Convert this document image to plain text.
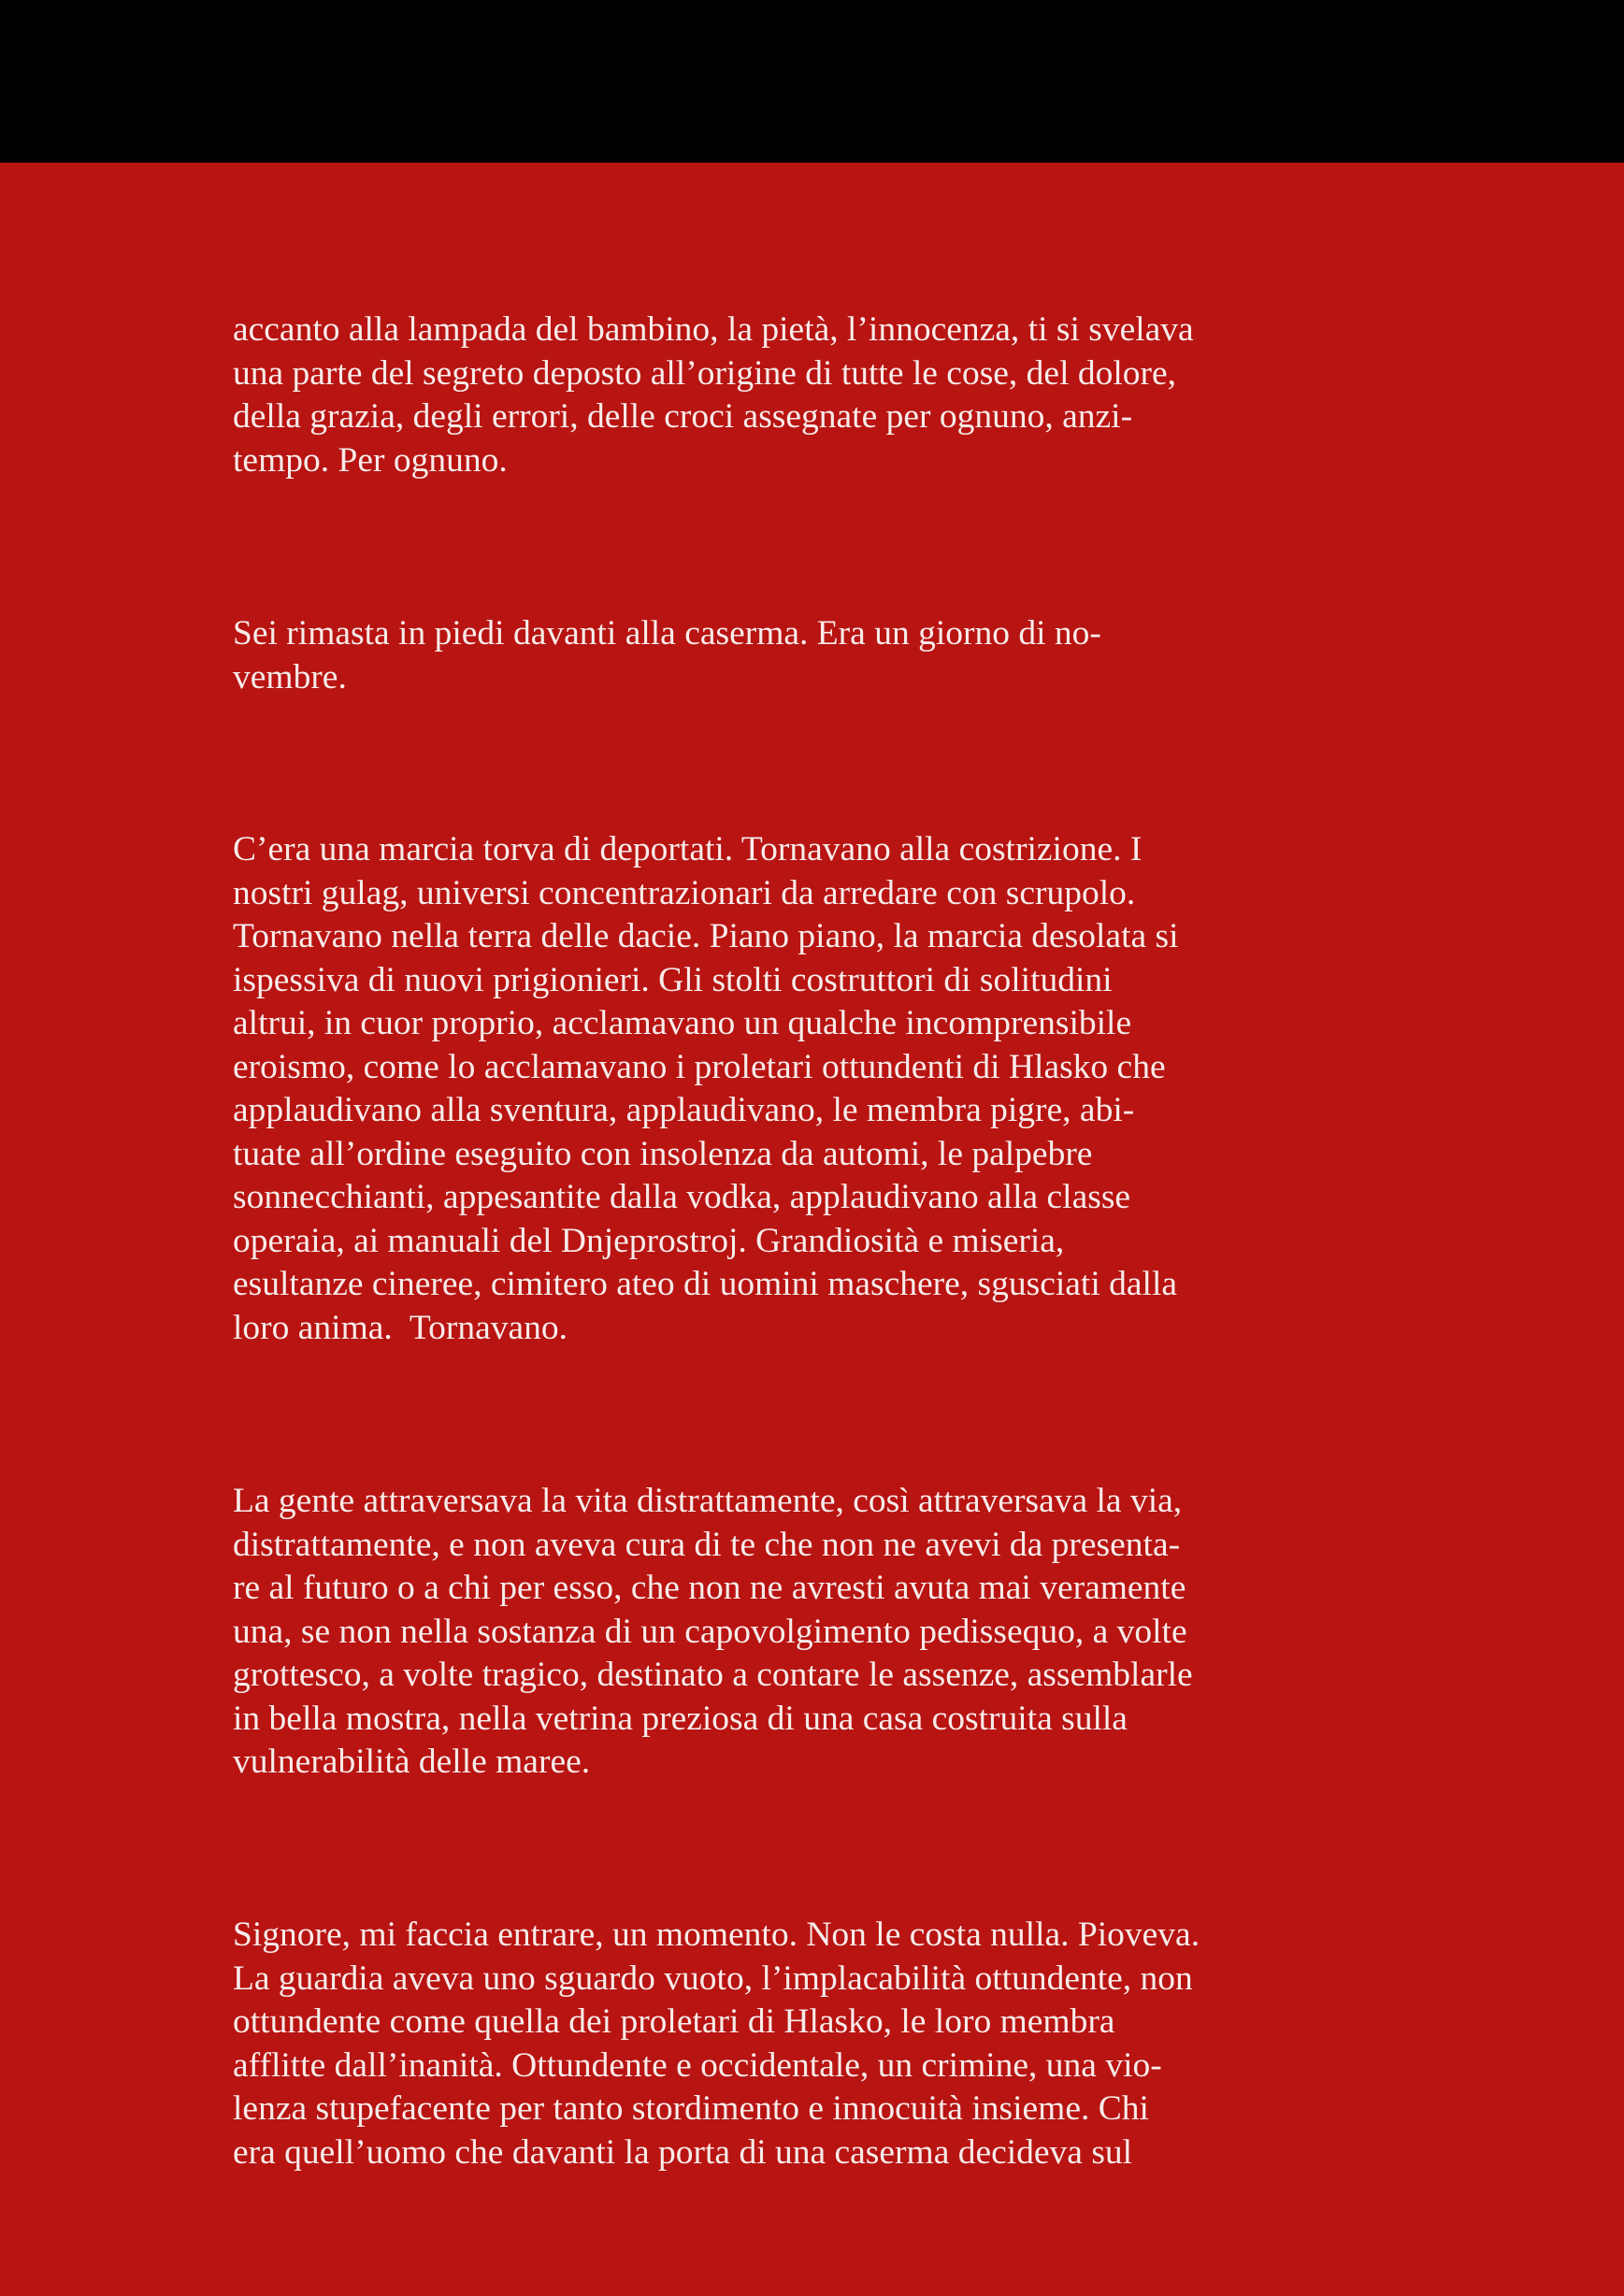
accanto alla lampada del bambino, la pietà, l’innocenza, ti si svelava
una parte del segreto deposto all’origine di tutte le cose, del dolore,
della grazia, degli errori, delle croci assegnate per ognuno, anzi-
tempo. Per ognuno.
Sei rimasta in piedi davanti alla caserma. Era un giorno di no-
vembre.
C’era una marcia torva di deportati. Tornavano alla costrizione. I
nostri gulag, universi concentrazionari da arredare con scrupolo.
Tornavano nella terra delle dacie. Piano piano, la marcia desolata si
ispessiva di nuovi prigionieri. Gli stolti costruttori di solitudini
altrui, in cuor proprio, acclamavano un qualche incomprensibile
eroismo, come lo acclamavano i proletari ottundenti di Hlasko che
applaudivano alla sventura, applaudivano, le membra pigre, abi-
tuate all’ordine eseguito con insolenza da automi, le palpebre
sonnecchianti, appesantite dalla vodka, applaudivano alla classe
operaia, ai manuali del Dnjeprostroj. Grandiosità e miseria,
esultanze cineree, cimitero ateo di uomini maschere, sgusciati dalla
loro anima.  Tornavano.
La gente attraversava la vita distrattamente, così attraversava la via,
distrattamente, e non aveva cura di te che non ne avevi da presenta-
re al futuro o a chi per esso, che non ne avresti avuta mai veramente
una, se non nella sostanza di un capovolgimento pedissequo, a volte
grottesco, a volte tragico, destinato a contare le assenze, assemblarle
in bella mostra, nella vetrina preziosa di una casa costruita sulla
vulnerabilità delle maree.
Signore, mi faccia entrare, un momento. Non le costa nulla. Pioveva.
La guardia aveva uno sguardo vuoto, l’implacabilità ottundente, non
ottundente come quella dei proletari di Hlasko, le loro membra
afflitte dall’inanità. Ottundente e occidentale, un crimine, una vio-
lenza stupefacente per tanto stordimento e innocuità insieme. Chi
era quell’uomo che davanti la porta di una caserma decideva sul
